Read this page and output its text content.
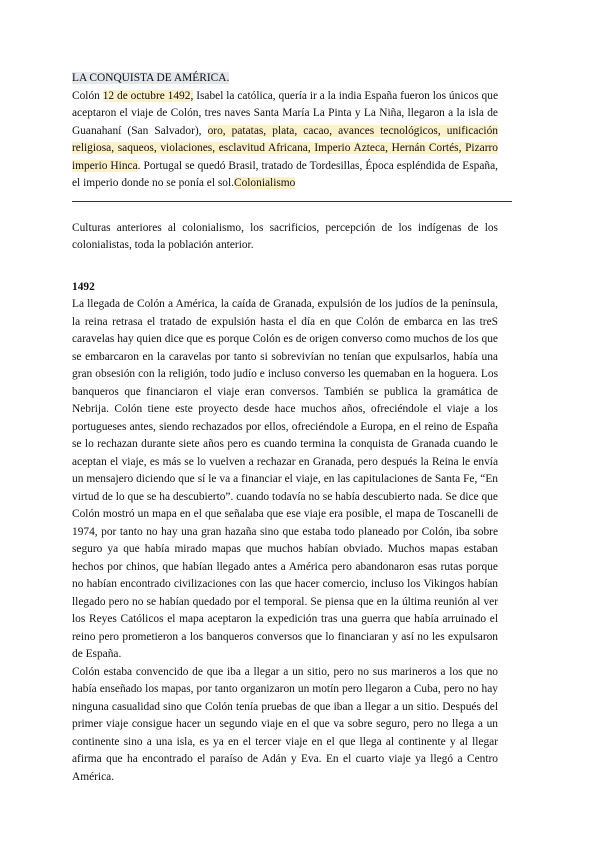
LA CONQUISTA DE AMÉRICA.

Colón 12 de octubre 1492, Isabel la católica, quería ir a la india España fueron los únicos que aceptaron el viaje de Colón, tres naves Santa María La Pinta y La Niña, llegaron a la isla de Guanahaní (San Salvador), oro, patatas, plata, cacao, avances tecnológicos, unificación religiosa, saqueos, violaciones, esclavitud Africana, Imperio Azteca, Hernán Cortés, Pizarro imperio Hinca. Portugal se quedó Brasil, tratado de Tordesillas, Época espléndida de España, el imperio donde no se ponía el sol.Colonialismo

Culturas anteriores al colonialismo, los sacrificios, percepción de los indígenas de los colonialistas, toda la población anterior.

1492

La llegada de Colón a América, la caída de Granada, expulsión de los judíos de la península, la reina retrasa el tratado de expulsión hasta el día en que Colón de embarca en las treS caravelas hay quien dice que es porque Colón es de origen converso como muchos de los que se embarcaron en la caravelas por tanto si sobrevivían no tenían que expulsarlos, había una gran obsesión con la religión, todo judío e incluso converso les quemaban en la hoguera. Los banqueros que financiaron el viaje eran conversos. También se publica la gramática de Nebrija. Colón tiene este proyecto desde hace muchos años, ofreciéndole el viaje a los portugueses antes, siendo rechazados por ellos, ofreciéndole a Europa, en el reino de España se lo rechazan durante siete años pero es cuando termina la conquista de Granada cuando le aceptan el viaje, es más se lo vuelven a rechazar en Granada, pero después la Reina le envía un mensajero diciendo que sí le va a financiar el viaje, en las capitulaciones de Santa Fe, “En virtud de lo que se ha descubierto”. cuando todavía no se había descubierto nada. Se dice que Colón mostró un mapa en el que señalaba que ese viaje era posible, el mapa de Toscanelli de 1974, por tanto no hay una gran hazaña sino que estaba todo planeado por Colón, iba sobre seguro ya que había mirado mapas que muchos habían obviado. Muchos mapas estaban hechos por chinos, que habían llegado antes a América pero abandonaron esas rutas porque no habían encontrado civilizaciones con las que hacer comercio, incluso los Vikingos habían llegado pero no se habían quedado por el temporal. Se piensa que en la última reunión al ver los Reyes Católicos el mapa aceptaron la expedición tras una guerra que había arruinado el reino pero prometieron a los banqueros conversos que lo financiaran y así no les expulsaron de España.

Colón estaba convencido de que iba a llegar a un sitio, pero no sus marineros a los que no había enseñado los mapas, por tanto organizaron un motín pero llegaron a Cuba, pero no hay ninguna casualidad sino que Colón tenía pruebas de que iban a llegar a un sitio. Después del primer viaje consigue hacer un segundo viaje en el que va sobre seguro, pero no llega a un continente sino a una isla, es ya en el tercer viaje en el que llega al continente y al llegar afirma que ha encontrado el paraíso de Adán y Eva. En el cuarto viaje ya llegó a Centro América.
